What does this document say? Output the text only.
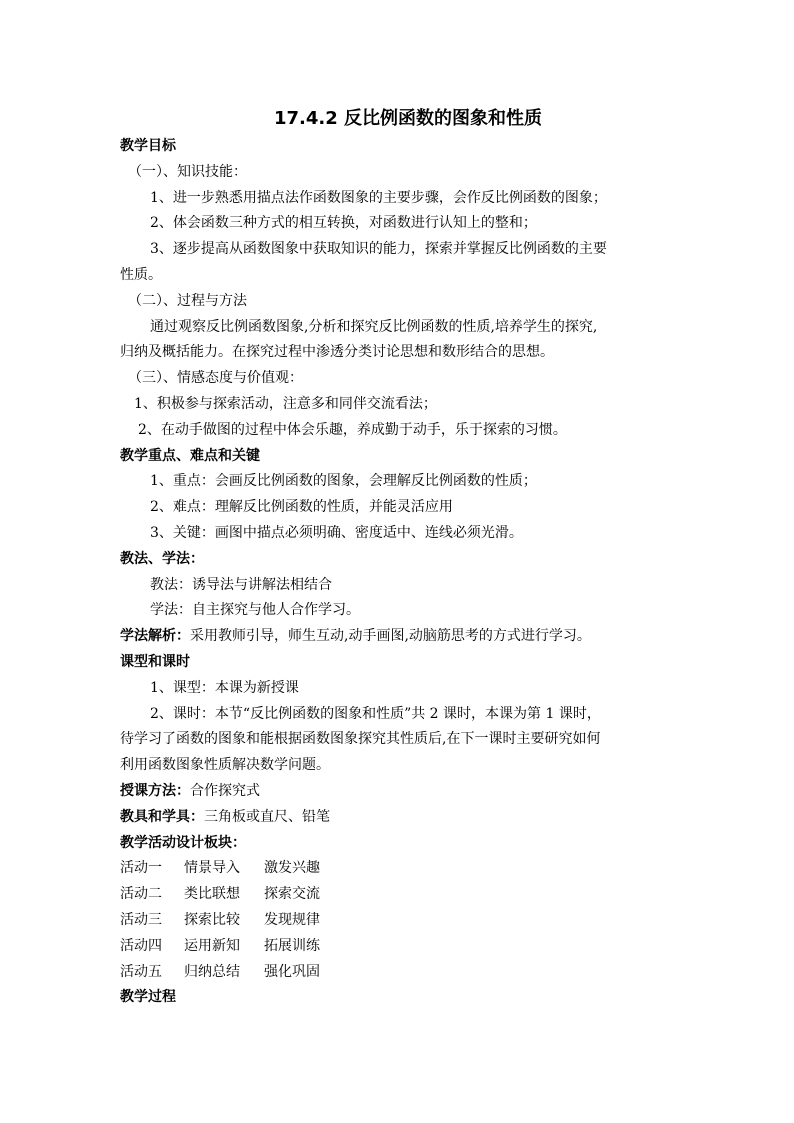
17.4.2 反比例函数的图象和性质
教学目标
（一）、知识技能：
1、进一步熟悉用描点法作函数图象的主要步骤，会作反比例函数的图象；
2、体会函数三种方式的相互转换，对函数进行认知上的整和；
3、逐步提高从函数图象中获取知识的能力，探索并掌握反比例函数的主要
性质。
（二）、过程与方法
通过观察反比例函数图象,分析和探究反比例函数的性质,培养学生的探究,
归纳及概括能力。在探究过程中渗透分类讨论思想和数形结合的思想。
（三）、情感态度与价值观：
1、积极参与探索活动，注意多和同伴交流看法；
2、在动手做图的过程中体会乐趣，养成勤于动手，乐于探索的习惯。
教学重点、难点和关键
1、重点：会画反比例函数的图象，会理解反比例函数的性质；
2、难点：理解反比例函数的性质，并能灵活应用
3、关键：画图中描点必须明确、密度适中、连线必须光滑。
教法、学法：
教法：诱导法与讲解法相结合
学法：自主探究与他人合作学习。
学法解析：采用教师引导，师生互动,动手画图,动脑筋思考的方式进行学习。
课型和课时
1、课型：本课为新授课
2、课时：本节“反比例函数的图象和性质”共 2 课时，本课为第 1 课时，
待学习了函数的图象和能根据函数图象探究其性质后,在下一课时主要研究如何
利用函数图象性质解决数学问题。
授课方法：合作探究式
教具和学具：三角板或直尺、铅笔
教学活动设计板块：
活动一 情景导入 激发兴趣
活动二 类比联想 探索交流
活动三 探索比较 发现规律
活动四 运用新知 拓展训练
活动五 归纳总结 强化巩固
教学过程
